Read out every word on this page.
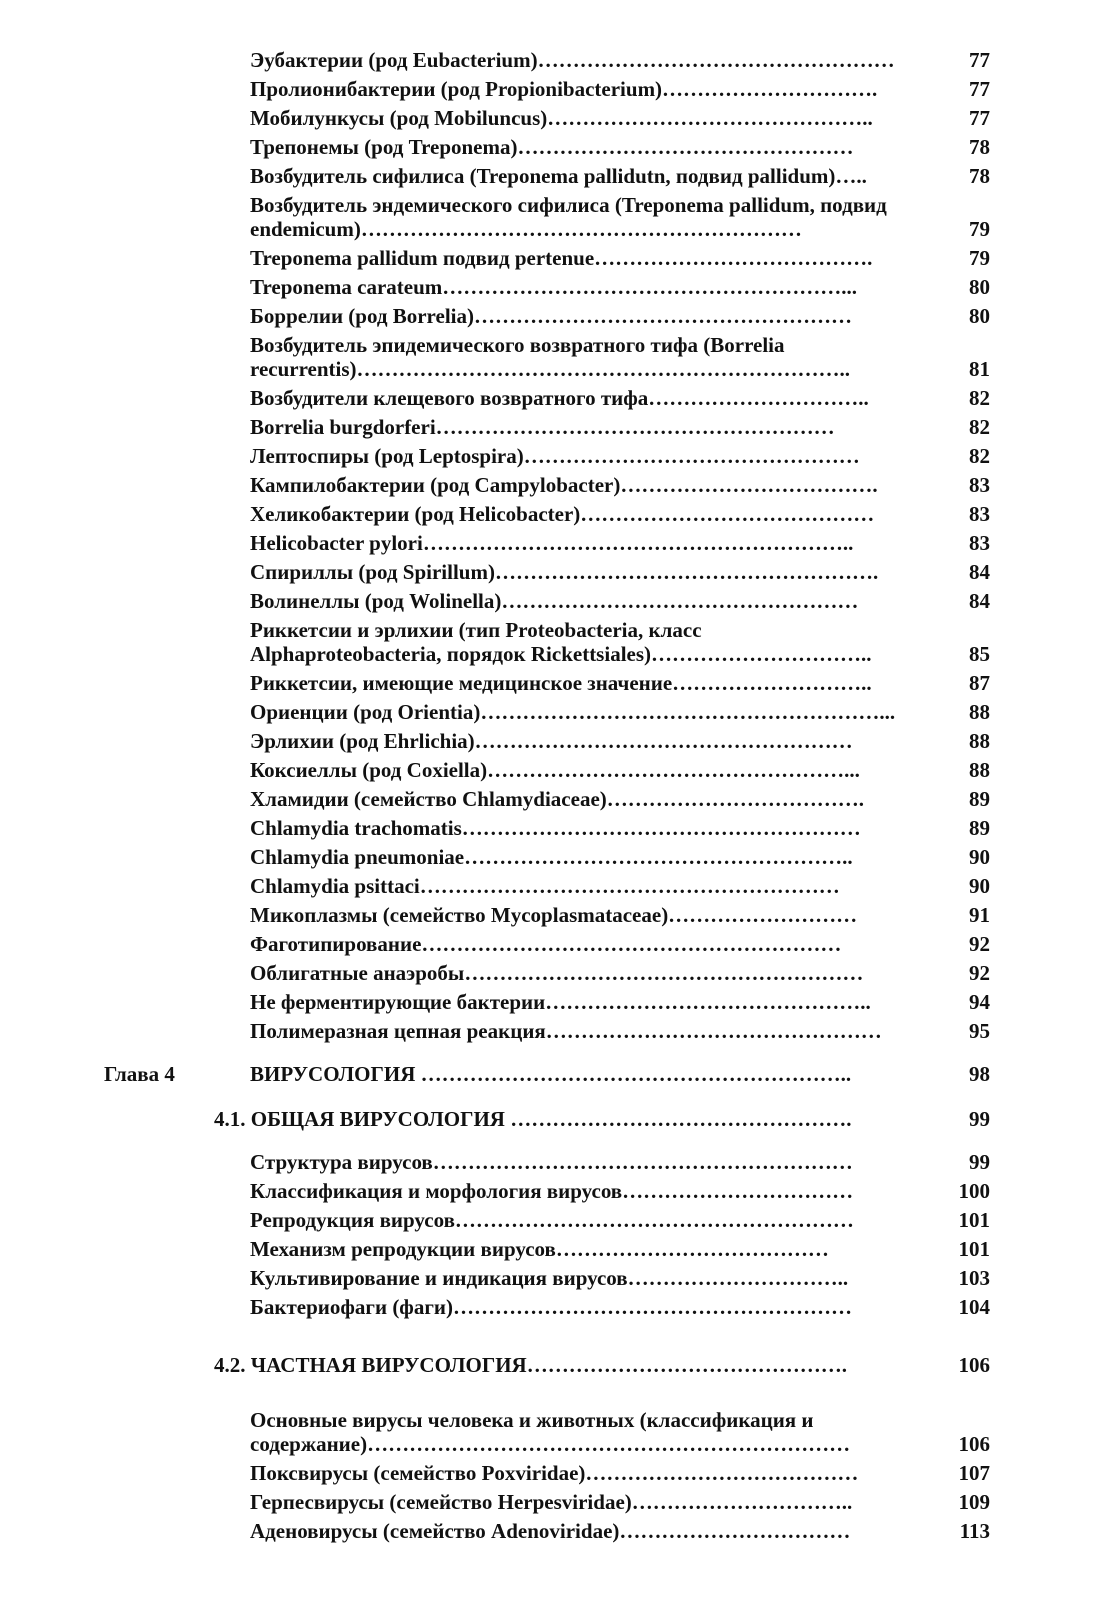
Эубактерии (род Eubacterium)……………………………………………	77
Пролионибактерии (род Propionibacterium)………………………….	77
Мобилункусы (род Mobiluncus)………………………………………..	77
Трепонемы (род Treponema)…………………………………………	78
Возбудитель сифилиса (Treponema pallidutn, подвид pallidum)…..	78
Возбудитель эндемического сифилиса (Treponema pallidum, подвид endemicum)………………………………………………………	79
Treponema pallidum подвид pertenue………………………………….	79
Treponema carateum…………………………………………………...	80
Боррелии (род Borrelia)………………………………………………	80
Возбудитель эпидемического возвратного тифа (Borrelia recurrentis)……………………………………………………………..	81
Возбудители клещевого возвратного тифа…………………………..	82
Borrelia burgdorferi…………………………………………………	82
Лептоспиры (род Leptospira)…………………………………………	82
Кампилобактерии (род Campylobacter)……………………………….	83
Хеликобактерии (род Helicobacter)……………………………………	83
Helicobacter pylori……………………………………………………..	83
Спириллы (род Spirillum)……………………………………………….	84
Волинеллы (род Wolinella)……………………………………………	84
Риккетсии и эрлихии (тип Proteobacteria, класс Alphaproteobacteria, порядок Rickettsiales)…………………………..	85
Риккетсии, имеющие медицинское значение………………………..	87
Ориенции (род Orientia)…………………………………………………...	88
Эрлихии (род Ehrlichia)………………………………………………	88
Коксиеллы (род Coxiella)……………………………………………...	88
Хламидии (семейство Chlamydiaceae)……………………………….	89
Chlamydia trachomatis…………………………………………………	89
Chlamydia pneumoniae………………………………………………..	90
Chlamydia psittaci……………………………………………………	90
Микоплазмы (семейство Mycoplasmataceae)………………………	91
Фаготипирование……………………………………………………	92
Облигатные анаэробы…………………………………………………	92
Не ферментирующие бактерии………………………………………..	94
Полимеразная цепная реакция…………………………………………	95
Глава 4	ВИРУСОЛОГИЯ ……………………………………………………..	98
4.1. ОБЩАЯ ВИРУСОЛОГИЯ ………………………………………….	99
Структура вирусов……………………………………………………	99
Классификация и морфология вирусов……………………………	100
Репродукция вирусов…………………………………………………	101
Механизм репродукции вирусов…………………………………	101
Культивирование и индикация вирусов…………………………..	103
Бактериофаги (фаги)…………………………………………………	104
4.2. ЧАСТНАЯ ВИРУСОЛОГИЯ……………………………………….	106
Основные вирусы человека и животных (классификация и содержание)……………………………………………………………	106
Поксвирусы (семейство Poxviridae)…………………………………	107
Герпесвирусы (семейство Herpesviridae)…………………………..	109
Аденовирусы (семейство Adenoviridae)……………………………	113
